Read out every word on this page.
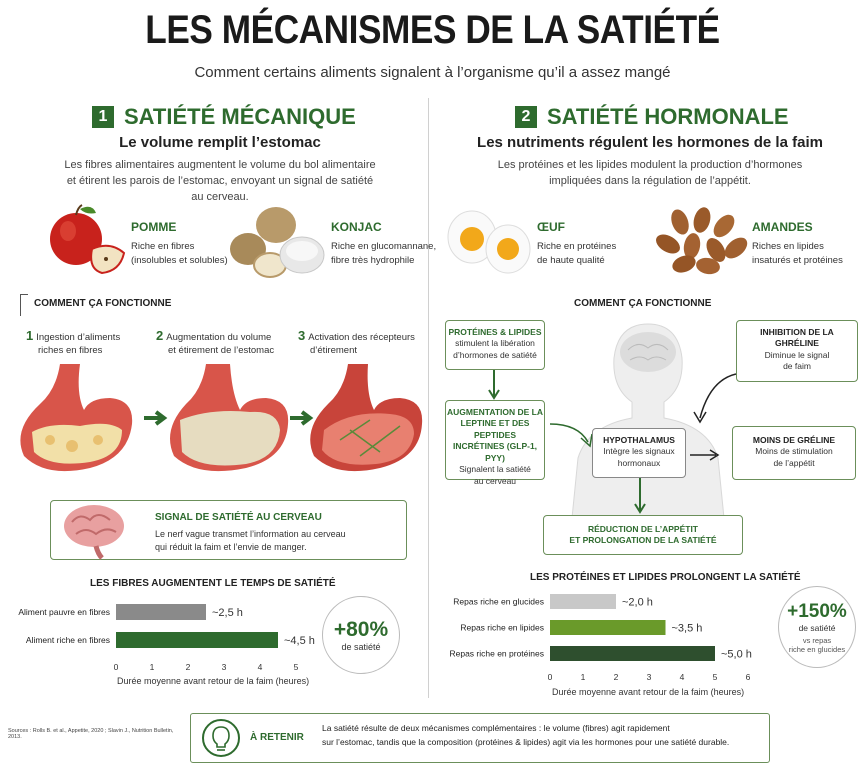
LES MÉCANISMES DE LA SATIÉTÉ
Comment certains aliments signalent à l’organisme qu’il a assez mangé
1 SATIÉTÉ MÉCANIQUE
Le volume remplit l’estomac
Les fibres alimentaires augmentent le volume du bol alimentaire
et étirent les parois de l’estomac, envoyant un signal de satiété
au cerveau.
POMME
Riche en fibres
(insolubles et solubles)
KONJAC
Riche en glucomannane,
fibre très hydrophile
COMMENT ÇA FONCTIONNE
1 Ingestion d’aliments
riches en fibres
2 Augmentation du volume
et étirement de l’estomac
3 Activation des récepteurs
d’étirement
SIGNAL DE SATIÉTÉ AU CERVEAU
Le nerf vague transmet l’information au cerveau
qui réduit la faim et l’envie de manger.
LES FIBRES AUGMENTENT LE TEMPS DE SATIÉTÉ
Aliment pauvre en fibres	~2,5 h
Aliment riche en fibres	~4,5 h
0	1	2	3	4	5
Durée moyenne avant retour de la faim (heures)
+80%
de satiété
2 SATIÉTÉ HORMONALE
Les nutriments régulent les hormones de la faim
Les protéines et les lipides modulent la production d’hormones
impliquées dans la régulation de l’appétit.
ŒUF
Riche en protéines
de haute qualité
AMANDES
Riches en lipides
insaturés et protéines
COMMENT ÇA FONCTIONNE
PROTÉINES & LIPIDES
stimulent la libération
d’hormones de satiété
AUGMENTATION DE LA
LEPTINE ET DES PEPTIDES
INCRÉTINES (GLP-1, PYY)
Signalent la satiété
au cerveau
INHIBITION DE LA
GHRÉLINE
Diminue le signal
de faim
HYPOTHALAMUS
Intègre les signaux
hormonaux
MOINS DE GRÉLINE
Moins de stimulation
de l’appétit
RÉDUCTION DE L’APPÉTIT
ET PROLONGATION DE LA SATIÉTÉ
LES PROTÉINES ET LIPIDES PROLONGENT LA SATIÉTÉ
Repas riche en glucides	~2,0 h
Repas riche en lipides	~3,5 h
Repas riche en protéines	~5,0 h
0	1	2	3	4	5	6
Durée moyenne avant retour de la faim (heures)
+150%
de satiété
vs repas
riche en glucides
Sources : Rolls B. et al., Appetite, 2020 ; Slavin J., Nutrition Bulletin, 2013.	À RETENIR
La satiété résulte de deux mécanismes complémentaires : le volume (fibres) agit rapidement
sur l’estomac, tandis que la composition (protéines & lipides) agit via les hormones pour une satiété durable.
